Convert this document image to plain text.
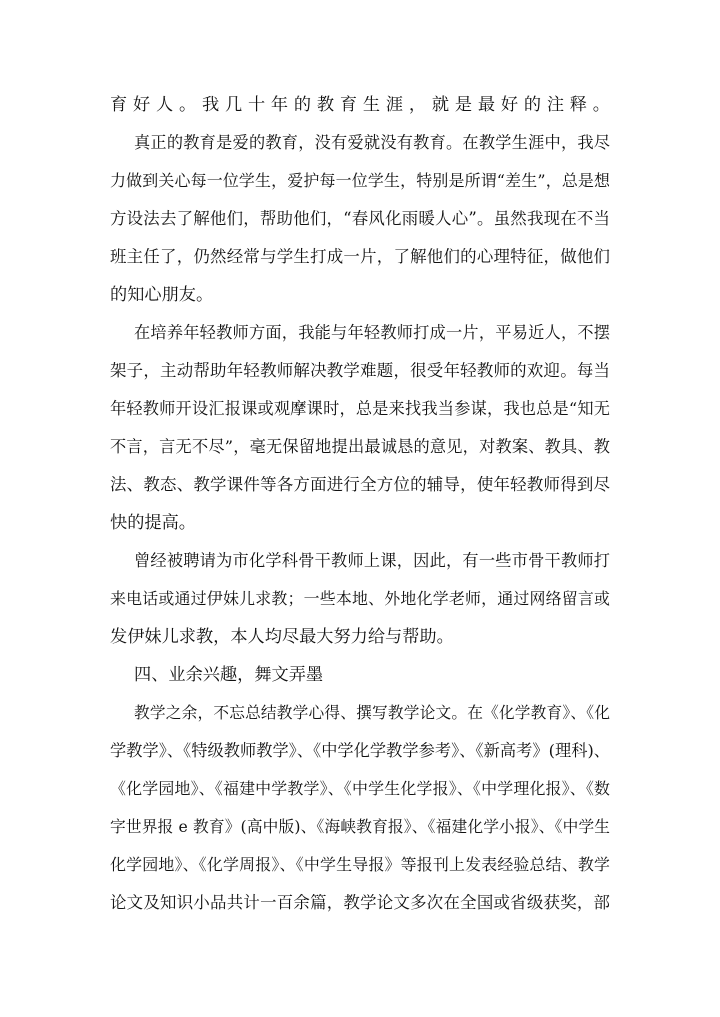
育好人。我几十年的教育生涯，就是最好的注释。
真正的教育是爱的教育，没有爱就没有教育。在教学生涯中，我尽
力做到关心每一位学生，爱护每一位学生，特别是所谓“差生”，总是想
方设法去了解他们，帮助他们，“春风化雨暖人心”。虽然我现在不当
班主任了，仍然经常与学生打成一片，了解他们的心理特征，做他们
的知心朋友。
在培养年轻教师方面，我能与年轻教师打成一片，平易近人，不摆
架子，主动帮助年轻教师解决教学难题，很受年轻教师的欢迎。每当
年轻教师开设汇报课或观摩课时，总是来找我当参谋，我也总是“知无
不言，言无不尽”，毫无保留地提出最诚恳的意见，对教案、教具、教
法、教态、教学课件等各方面进行全方位的辅导，使年轻教师得到尽
快的提高。
曾经被聘请为市化学科骨干教师上课，因此，有一些市骨干教师打
来电话或通过伊妹儿求教；一些本地、外地化学老师，通过网络留言或
发伊妹儿求教，本人均尽最大努力给与帮助。
四、业余兴趣，舞文弄墨
教学之余，不忘总结教学心得、撰写教学论文。在《化学教育》、《化
学教学》、《特级教师教学》、《中学化学教学参考》、《新高考》(理科)、
《化学园地》、《福建中学教学》、《中学生化学报》、《中学理化报》、《数
字世界报 e 教育》(高中版)、《海峡教育报》、《福建化学小报》、《中学生
化学园地》、《化学周报》、《中学生导报》等报刊上发表经验总结、教学
论文及知识小品共计一百余篇，教学论文多次在全国或省级获奖，部
